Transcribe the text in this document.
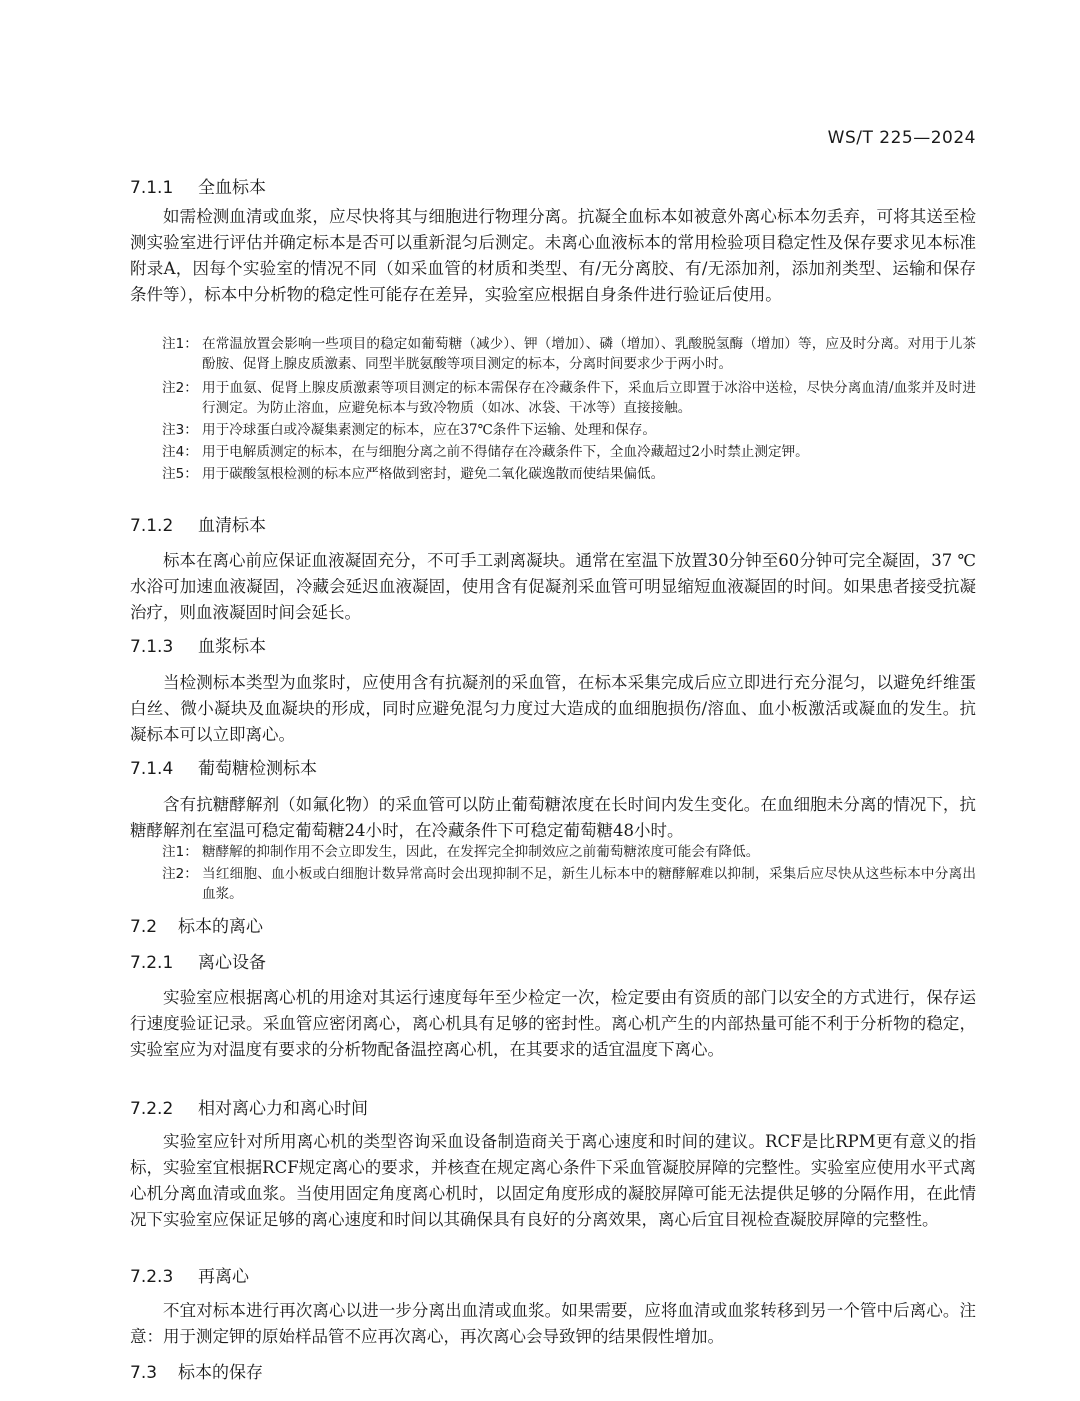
WS/T 225—2024
7.1.1 全血标本

如需检测血清或血浆，应尽快将其与细胞进行物理分离。抗凝全血标本如被意外离心标本勿丢弃，可将其送至检测实验室进行评估并确定标本是否可以重新混匀后测定。未离心血液标本的常用检验项目稳定性及保存要求见本标准附录A，因每个实验室的情况不同（如采血管的材质和类型、有/无分离胶、有/无添加剂，添加剂类型、运输和保存条件等），标本中分析物的稳定性可能存在差异，实验室应根据自身条件进行验证后使用。

注1： 在常温放置会影响一些项目的稳定如葡萄糖（减少）、钾（增加）、磷（增加）、乳酸脱氢酶（增加）等，应及时分离。对用于儿茶酚胺、促肾上腺皮质激素、同型半胱氨酸等项目测定的标本，分离时间要求少于两小时。
注2： 用于血氨、促肾上腺皮质激素等项目测定的标本需保存在冷藏条件下，采血后立即置于冰浴中送检，尽快分离血清/血浆并及时进行测定。为防止溶血，应避免标本与致冷物质（如冰、冰袋、干冰等）直接接触。
注3： 用于冷球蛋白或冷凝集素测定的标本，应在37℃条件下运输、处理和保存。
注4： 用于电解质测定的标本，在与细胞分离之前不得储存在冷藏条件下，全血冷藏超过2小时禁止测定钾。
注5： 用于碳酸氢根检测的标本应严格做到密封，避免二氧化碳逸散而使结果偏低。
7.1.2 血清标本

标本在离心前应保证血液凝固充分，不可手工剥离凝块。通常在室温下放置30分钟至60分钟可完全凝固，37 ℃水浴可加速血液凝固，冷藏会延迟血液凝固，使用含有促凝剂采血管可明显缩短血液凝固的时间。如果患者接受抗凝治疗，则血液凝固时间会延长。

7.1.3 血浆标本

当检测标本类型为血浆时，应使用含有抗凝剂的采血管，在标本采集完成后应立即进行充分混匀，以避免纤维蛋白丝、微小凝块及血凝块的形成，同时应避免混匀力度过大造成的血细胞损伤/溶血、血小板激活或凝血的发生。抗凝标本可以立即离心。

7.1.4 葡萄糖检测标本

含有抗糖酵解剂（如氟化物）的采血管可以防止葡萄糖浓度在长时间内发生变化。在血细胞未分离的情况下，抗糖酵解剂在室温可稳定葡萄糖24小时，在冷藏条件下可稳定葡萄糖48小时。

注1： 糖酵解的抑制作用不会立即发生，因此，在发挥完全抑制效应之前葡萄糖浓度可能会有降低。
注2： 当红细胞、血小板或白细胞计数异常高时会出现抑制不足，新生儿标本中的糖酵解难以抑制，采集后应尽快从这些标本中分离出血浆。
7.2 标本的离心
7.2.1 离心设备

实验室应根据离心机的用途对其运行速度每年至少检定一次，检定要由有资质的部门以安全的方式进行，保存运行速度验证记录。采血管应密闭离心，离心机具有足够的密封性。离心机产生的内部热量可能不利于分析物的稳定，实验室应为对温度有要求的分析物配备温控离心机，在其要求的适宜温度下离心。

7.2.2 相对离心力和离心时间

实验室应针对所用离心机的类型咨询采血设备制造商关于离心速度和时间的建议。RCF是比RPM更有意义的指标，实验室宜根据RCF规定离心的要求，并核查在规定离心条件下采血管凝胶屏障的完整性。实验室应使用水平式离心机分离血清或血浆。当使用固定角度离心机时，以固定角度形成的凝胶屏障可能无法提供足够的分隔作用，在此情况下实验室应保证足够的离心速度和时间以其确保具有良好的分离效果，离心后宜目视检查凝胶屏障的完整性。

7.2.3 再离心

不宜对标本进行再次离心以进一步分离出血清或血浆。如果需要，应将血清或血浆转移到另一个管中后离心。注意：用于测定钾的原始样品管不应再次离心，再次离心会导致钾的结果假性增加。

7.3 标本的保存
